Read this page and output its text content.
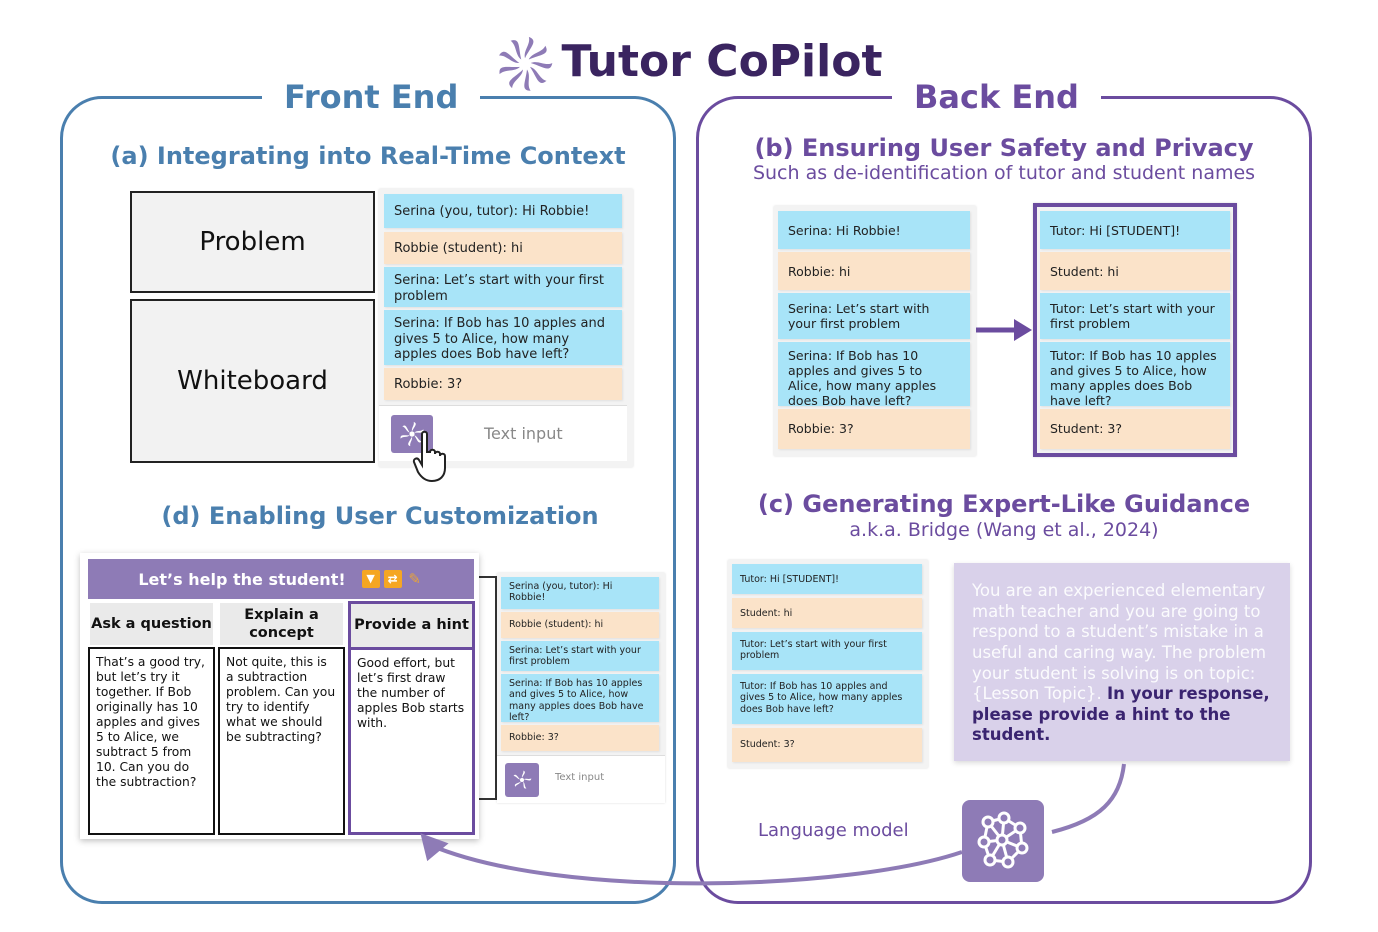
Tutor CoPilot
Front End	Back End
(a) Integrating into Real-Time Context
Problem
Whiteboard
Serina (you, tutor): Hi Robbie!
Robbie (student): hi
Serina: Let’s start with your first problem
Serina: If Bob has 10 apples and gives 5 to Alice, how many apples does Bob have left?
Robbie: 3?
Text input
(d) Enabling User Customization
Serina (you, tutor): Hi Robbie!
Robbie (student): hi
Serina: Let’s start with your first problem
Serina: If Bob has 10 apples and gives 5 to Alice, how many apples does Bob have left?
Robbie: 3?
Text input
Let’s help the student!	▼	⇄ ✎
Ask a question
That’s a good try, but let’s try it together. If Bob originally has 10 apples and gives 5 to Alice, we subtract 5 from 10. Can you do the subtraction?
Explain a concept
Not quite, this is a subtraction problem. Can you try to identify what we should be subtracting?
Provide a hint
Good effort, but let’s first draw the number of apples Bob starts with.
(b) Ensuring User Safety and Privacy
Such as de-identification of tutor and student names
Serina: Hi Robbie!
Robbie: hi
Serina: Let’s start with your first problem
Serina: If Bob has 10 apples and gives 5 to Alice, how many apples does Bob have left?
Robbie: 3?
Tutor: Hi [STUDENT]!
Student: hi
Tutor: Let’s start with your first problem
Tutor: If Bob has 10 apples and gives 5 to Alice, how many apples does Bob have left?
Student: 3?
(c) Generating Expert-Like Guidance
a.k.a. Bridge (Wang et al., 2024)
Tutor: Hi [STUDENT]!
Student: hi
Tutor: Let’s start with your first problem
Tutor: If Bob has 10 apples and gives 5 to Alice, how many apples does Bob have left?
Student: 3?
You are an experienced elementary math teacher and you are going to respond to a student’s mistake in a useful and caring way. The problem your student is solving is on topic: {Lesson Topic}. In your response, please provide a hint to the student.
Language model
